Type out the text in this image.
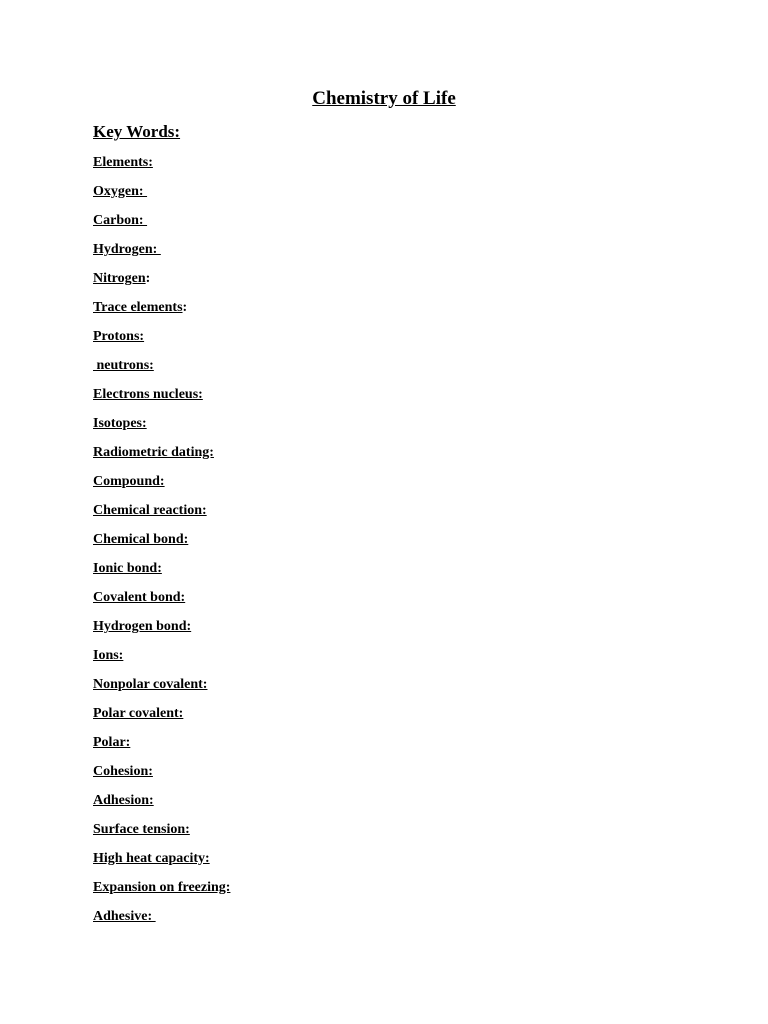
Chemistry of Life
Key Words:
Elements:
Oxygen:
Carbon:
Hydrogen:
Nitrogen:
Trace elements:
Protons:
neutrons:
Electrons nucleus:
Isotopes:
Radiometric dating:
Compound:
Chemical reaction:
Chemical bond:
Ionic bond:
Covalent bond:
Hydrogen bond:
Ions:
Nonpolar covalent:
Polar covalent:
Polar:
Cohesion:
Adhesion:
Surface tension:
High heat capacity:
Expansion on freezing:
Adhesive:
